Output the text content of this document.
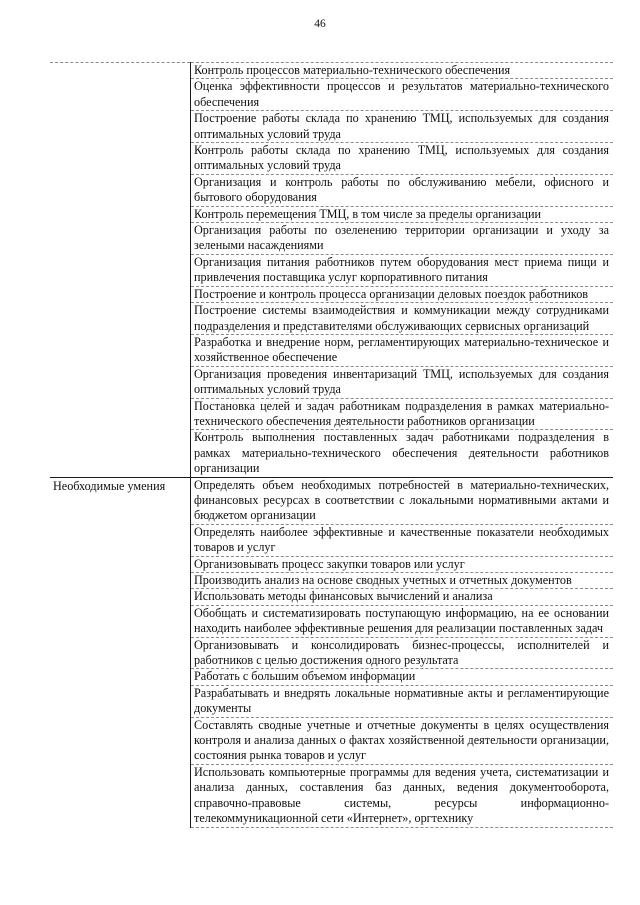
46
	Контроль процессов материально-технического обеспечения
	Оценка эффективности процессов и результатов материально-технического обеспечения
	Построение работы склада по хранению ТМЦ, используемых для создания оптимальных условий труда
	Контроль работы склада по хранению ТМЦ, используемых для создания оптимальных условий труда
	Организация и контроль работы по обслуживанию мебели, офисного и бытового оборудования
	Контроль перемещения ТМЦ, в том числе за пределы организации
	Организация работы по озеленению территории организации и уходу за зелеными насаждениями
	Организация питания работников путем оборудования мест приема пищи и привлечения поставщика услуг корпоративного питания
	Построение и контроль процесса организации деловых поездок работников
	Построение системы взаимодействия и коммуникации между сотрудниками подразделения и представителями обслуживающих сервисных организаций
	Разработка и внедрение норм, регламентирующих материально-техническое и хозяйственное обеспечение
	Организация проведения инвентаризаций ТМЦ, используемых для создания оптимальных условий труда
	Постановка целей и задач работникам подразделения в рамках материально-технического обеспечения деятельности работников организации
	Контроль выполнения поставленных задач работниками подразделения в рамках материально-технического обеспечения деятельности работников организации

Необходимые умения	Определять объем необходимых потребностей в материально-технических, финансовых ресурсах в соответствии с локальными нормативными актами и бюджетом организации
	Определять наиболее эффективные и качественные показатели необходимых товаров и услуг
	Организовывать процесс закупки товаров или услуг
	Производить анализ на основе сводных учетных и отчетных документов
	Использовать методы финансовых вычислений и анализа
	Обобщать и систематизировать поступающую информацию, на ее основании находить наиболее эффективные решения для реализации поставленных задач
	Организовывать и консолидировать бизнес-процессы, исполнителей и работников с целью достижения одного результата
	Работать с большим объемом информации
	Разрабатывать и внедрять локальные нормативные акты и регламентирующие документы
	Составлять сводные учетные и отчетные документы в целях осуществления контроля и анализа данных о фактах хозяйственной деятельности организации, состояния рынка товаров и услуг
	Использовать компьютерные программы для ведения учета, систематизации и анализа данных, составления баз данных, ведения документооборота, справочно-правовые системы, ресурсы информационно-телекоммуникационной сети «Интернет», оргтехнику
